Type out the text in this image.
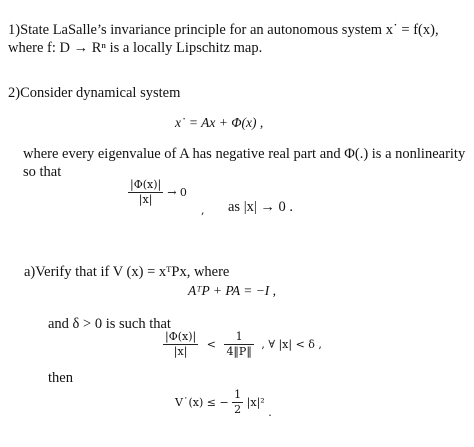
1)State LaSalle’s invariance principle for an autonomous system x˙ = f(x),
where f: D → Rⁿ is a locally Lipschitz map.
2)Consider dynamical system
x˙ = Ax + Φ(x) ,
where every eigenvalue of A has negative real part and Φ(.) is a nonlinearity
so that
$\frac{|\Phi(x)|}{|x|} \to 0$
, as |x| → 0 .
a)Verify that if V (x) = xᵀPx, where
AᵀP + PA = −I ,
and δ > 0 is such that
$\frac{|\Phi(x)|}{|x|} < \frac{1}{4‖P‖}$ , ∀ |x| < δ ,
then
V˙(x) ≤ − $\frac{1}{2} |x|^2$ .
